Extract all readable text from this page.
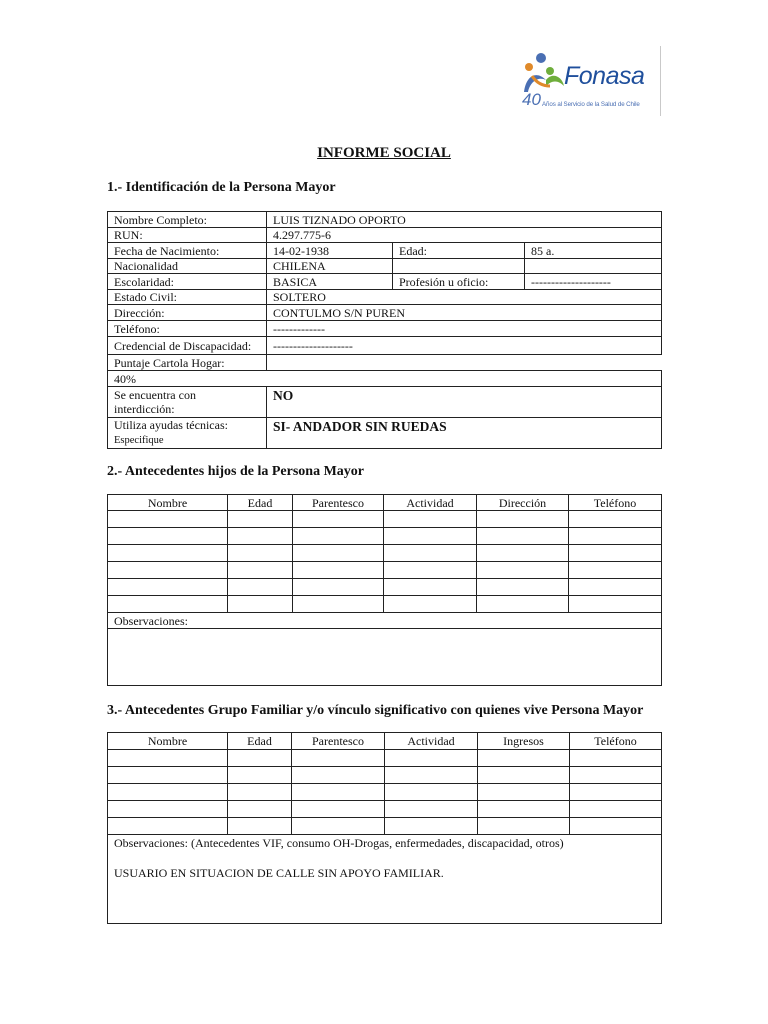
Fonasa
40 Años al Servicio de la Salud de Chile
INFORME SOCIAL
1.- Identificación de la Persona Mayor
Nombre Completo:	LUIS TIZNADO OPORTO		
RUN:	4.297.775-6		
Fecha de Nacimiento:	14-02-1938	Edad:	85 a.
Nacionalidad	CHILENA		
Escolaridad:	BASICA	Profesión u oficio:	--------------------
Estado Civil:	SOLTERO		
Dirección:	CONTULMO S/N PUREN		
Teléfono:	-------------		
Credencial de Discapacidad:	--------------------		
Puntaje Cartola Hogar:			
40%			
Se encuentra con
interdicción:	NO		
Utiliza ayudas técnicas:
Especifique	SI- ANDADOR SIN RUEDAS		
2.- Antecedentes hijos de la Persona Mayor
Nombre	Edad	Parentesco	Actividad	Dirección	Teléfono

Observaciones:					

3.- Antecedentes Grupo Familiar y/o vínculo significativo con quienes vive Persona Mayor
Nombre	Edad	Parentesco	Actividad	Ingresos	Teléfono

Observaciones: (Antecedentes VIF, consumo OH-Drogas, enfermedades, discapacidad, otros)
USUARIO EN SITUACION DE CALLE SIN APOYO FAMILIAR.					
